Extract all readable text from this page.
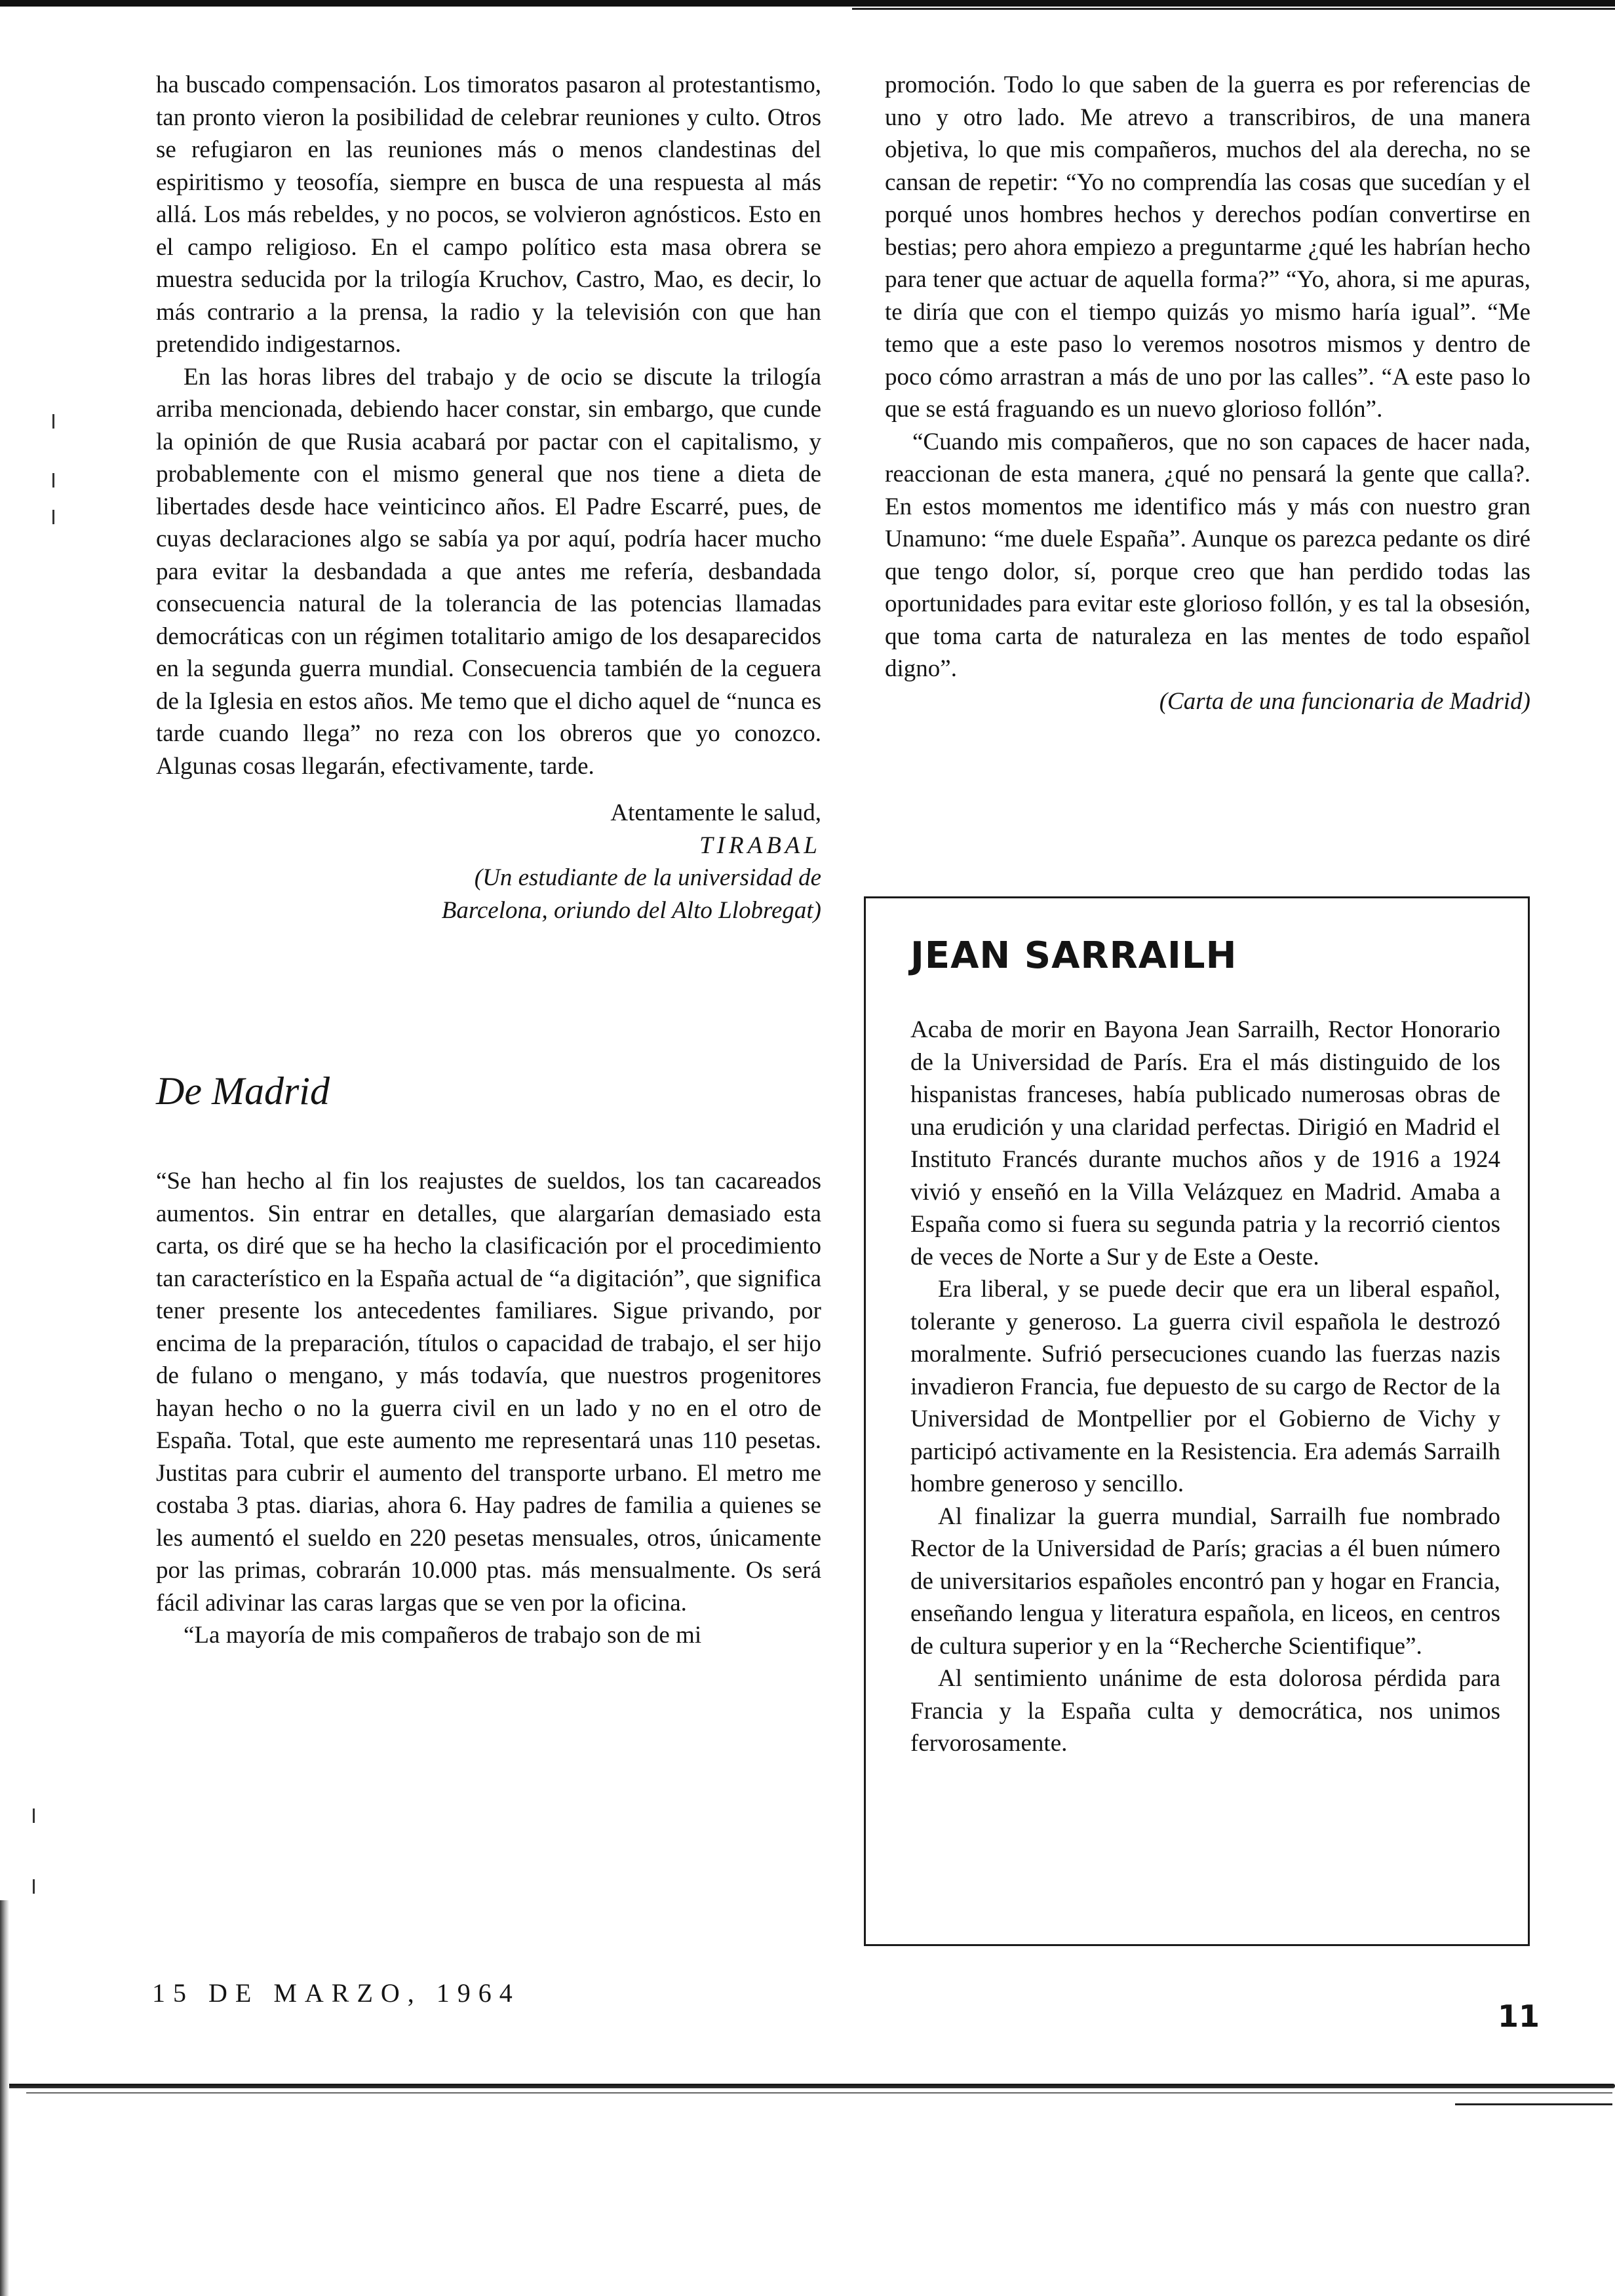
ha buscado compensación. Los timoratos pasaron al protestantismo, tan pronto vieron la posibilidad de celebrar reuniones y culto. Otros se refugiaron en las reuniones más o menos clandestinas del espiritismo y teosofía, siempre en busca de una respuesta al más allá. Los más rebeldes, y no pocos, se volvieron agnósticos. Esto en el campo religioso. En el campo político esta masa obrera se muestra seducida por la trilogía Kruchov, Castro, Mao, es decir, lo más contrario a la prensa, la radio y la televisión con que han pretendido indigestarnos.

En las horas libres del trabajo y de ocio se discute la trilogía arriba mencionada, debiendo hacer constar, sin embargo, que cunde la opinión de que Rusia acabará por pactar con el capitalismo, y probablemente con el mismo general que nos tiene a dieta de libertades desde hace veinticinco años. El Padre Escarré, pues, de cuyas declaraciones algo se sabía ya por aquí, podría hacer mucho para evitar la desbandada a que antes me refería, desbandada consecuencia natural de la tolerancia de las potencias llamadas democráticas con un régimen totalitario amigo de los desaparecidos en la segunda guerra mundial. Consecuencia también de la ceguera de la Iglesia en estos años. Me temo que el dicho aquel de “nunca es tarde cuando llega” no reza con los obreros que yo conozco. Algunas cosas llegarán, efectivamente, tarde.

Atentamente le salud,
TIRABAL
(Un estudiante de la universidad de
Barcelona, oriundo del Alto Llobregat)
De Madrid

“Se han hecho al fin los reajustes de sueldos, los tan cacareados aumentos. Sin entrar en detalles, que alargarían demasiado esta carta, os diré que se ha hecho la clasificación por el procedimiento tan característico en la España actual de “a digitación”, que significa tener presente los antecedentes familiares. Sigue privando, por encima de la preparación, títulos o capacidad de trabajo, el ser hijo de fulano o mengano, y más todavía, que nuestros progenitores hayan hecho o no la guerra civil en un lado y no en el otro de España. Total, que este aumento me representará unas 110 pesetas. Justitas para cubrir el aumento del transporte urbano. El metro me costaba 3 ptas. diarias, ahora 6. Hay padres de familia a quienes se les aumentó el sueldo en 220 pesetas mensuales, otros, únicamente por las primas, cobrarán 10.000 ptas. más mensualmente. Os será fácil adivinar las caras largas que se ven por la oficina.

“La mayoría de mis compañeros de trabajo son de mi

promoción. Todo lo que saben de la guerra es por referencias de uno y otro lado. Me atrevo a transcribiros, de una manera objetiva, lo que mis compañeros, muchos del ala derecha, no se cansan de repetir: “Yo no comprendía las cosas que sucedían y el porqué unos hombres hechos y derechos podían convertirse en bestias; pero ahora empiezo a preguntarme ¿qué les habrían hecho para tener que actuar de aquella forma?” “Yo, ahora, si me apuras, te diría que con el tiempo quizás yo mismo haría igual”. “Me temo que a este paso lo veremos nosotros mismos y dentro de poco cómo arrastran a más de uno por las calles”. “A este paso lo que se está fraguando es un nuevo glorioso follón”.

“Cuando mis compañeros, que no son capaces de hacer nada, reaccionan de esta manera, ¿qué no pensará la gente que calla?. En estos momentos me identifico más y más con nuestro gran Unamuno: “me duele España”. Aunque os parezca pedante os diré que tengo dolor, sí, porque creo que han perdido todas las oportunidades para evitar este glorioso follón, y es tal la obsesión, que toma carta de naturaleza en las mentes de todo español digno”.

(Carta de una funcionaria de Madrid)
JEAN SARRAILH

Acaba de morir en Bayona Jean Sarrailh, Rector Honorario de la Universidad de París. Era el más distinguido de los hispanistas franceses, había publicado numerosas obras de una erudición y una claridad perfectas. Dirigió en Madrid el Instituto Francés durante muchos años y de 1916 a 1924 vivió y enseñó en la Villa Velázquez en Madrid. Amaba a España como si fuera su segunda patria y la recorrió cientos de veces de Norte a Sur y de Este a Oeste.

Era liberal, y se puede decir que era un liberal español, tolerante y generoso. La guerra civil española le destrozó moralmente. Sufrió persecuciones cuando las fuerzas nazis invadieron Francia, fue depuesto de su cargo de Rector de la Universidad de Montpellier por el Gobierno de Vichy y participó activamente en la Resistencia. Era además Sarrailh hombre generoso y sencillo.

Al finalizar la guerra mundial, Sarrailh fue nombrado Rector de la Universidad de París; gracias a él buen número de universitarios españoles encontró pan y hogar en Francia, enseñando lengua y literatura española, en liceos, en centros de cultura superior y en la “Recherche Scientifique”.

Al sentimiento unánime de esta dolorosa pérdida para Francia y la España culta y democrática, nos unimos fervorosamente.

15 DE MARZO, 1964
11
